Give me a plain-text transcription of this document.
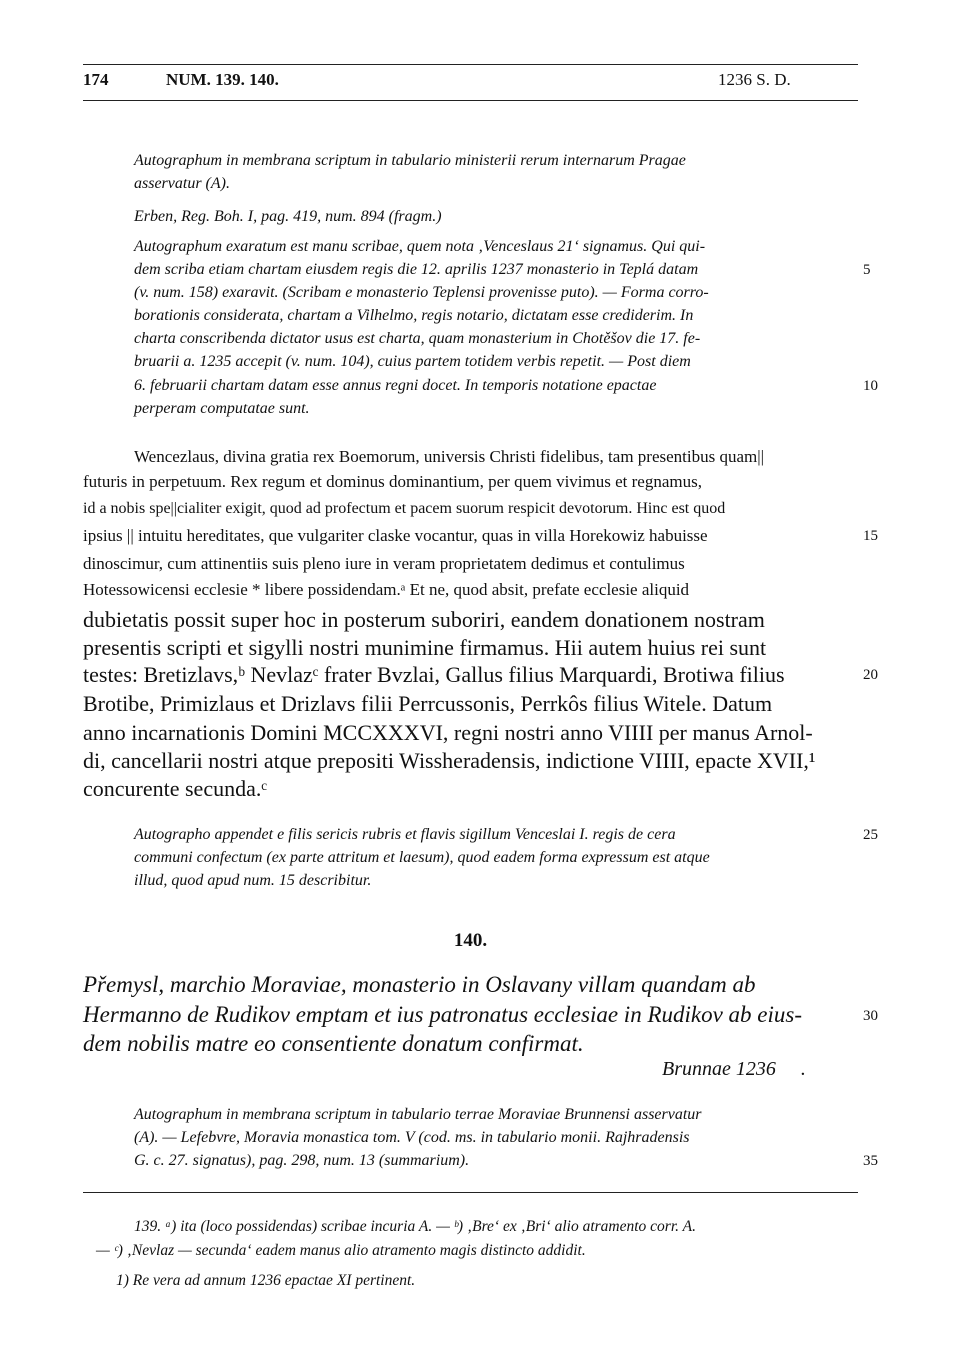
174	NUM. 139. 140.	1236 S. D.
Autographum in membrana scriptum in tabulario ministerii rerum internarum Pragae
asservatur (A).
Erben, Reg. Boh. I, pag. 419, num. 894 (fragm.)
Autographum exaratum est manu scribae, quem nota ‚Venceslaus 21‘ signamus. Qui qui-
dem scriba etiam chartam eiusdem regis die 12. aprilis 1237 monasterio in Teplá datam
(v. num. 158) exaravit. (Scribam e monasterio Teplensi provenisse puto). — Forma corro-
borationis considerata, chartam a Vilhelmo, regis notario, dictatam esse crediderim. In
charta conscribenda dictator usus est charta, quam monasterium in Chotěšov die 17. fe-
bruarii a. 1235 accepit (v. num. 104), cuius partem totidem verbis repetit. — Post diem
6. februarii chartam datam esse annus regni docet. In temporis notatione epactae
perperam computatae sunt.
Wencezlaus, divina gratia rex Boemorum, universis Christi fidelibus, tam presentibus quam||
futuris in perpetuum. Rex regum et dominus dominantium, per quem vivimus et regnamus,
id a nobis spe||cialiter exigit, quod ad profectum et pacem suorum respicit devotorum. Hinc est quod
ipsius || intuitu hereditates, que vulgariter claske vocantur, quas in villa Horekowiz habuisse
dinoscimur, cum attinentiis suis pleno iure in veram proprietatem dedimus et contulimus
Hotessowicensi ecclesie * libere possidendam.ᵃ Et ne, quod absit, prefate ecclesie aliquid
dubietatis possit super hoc in posterum suboriri, eandem donationem nostram
presentis scripti et sigylli nostri munimine firmamus. Hii autem huius rei sunt
testes: Bretizlavs,ᵇ Nevlazᶜ frater Bvzlai, Gallus filius Marquardi, Brotiwa filius
Brotibe, Primizlaus et Drizlavs filii Perrcussonis, Perrkôs filius Witele. Datum
anno incarnationis Domini MCCXXXVI, regni nostri anno VIIII per manus Arnol-
di, cancellarii nostri atque prepositi Wissheradensis, indictione VIIII, epacte XVII,¹
concurente secunda.ᶜ
Autographo appendet e filis sericis rubris et flavis sigillum Venceslai I. regis de cera
communi confectum (ex parte attritum et laesum), quod eadem forma expressum est atque
illud, quod apud num. 15 describitur.
140.
Přemysl, marchio Moraviae, monasterio in Oslavany villam quandam ab
Hermanno de Rudikov emptam et ius patronatus ecclesiae in Rudikov ab eius-
dem nobilis matre eo consentiente donatum confirmat.
Brunnae 1236     .
Autographum in membrana scriptum in tabulario terrae Moraviae Brunnensi asservatur
(A). — Lefebvre, Moravia monastica tom. V (cod. ms. in tabulario monii. Rajhradensis
G. c. 27. signatus), pag. 298, num. 13 (summarium).
139. ᵃ) ita (loco possidendas) scribae incuria A. — ᵇ) ‚Bre‘ ex ‚Bri‘ alio atramento corr. A.
— ᶜ) ‚Nevlaz — secunda‘ eadem manus alio atramento magis distincto addidit.
1) Re vera ad annum 1236 epactae XI pertinent.
5
10
15
20
25
30
35
